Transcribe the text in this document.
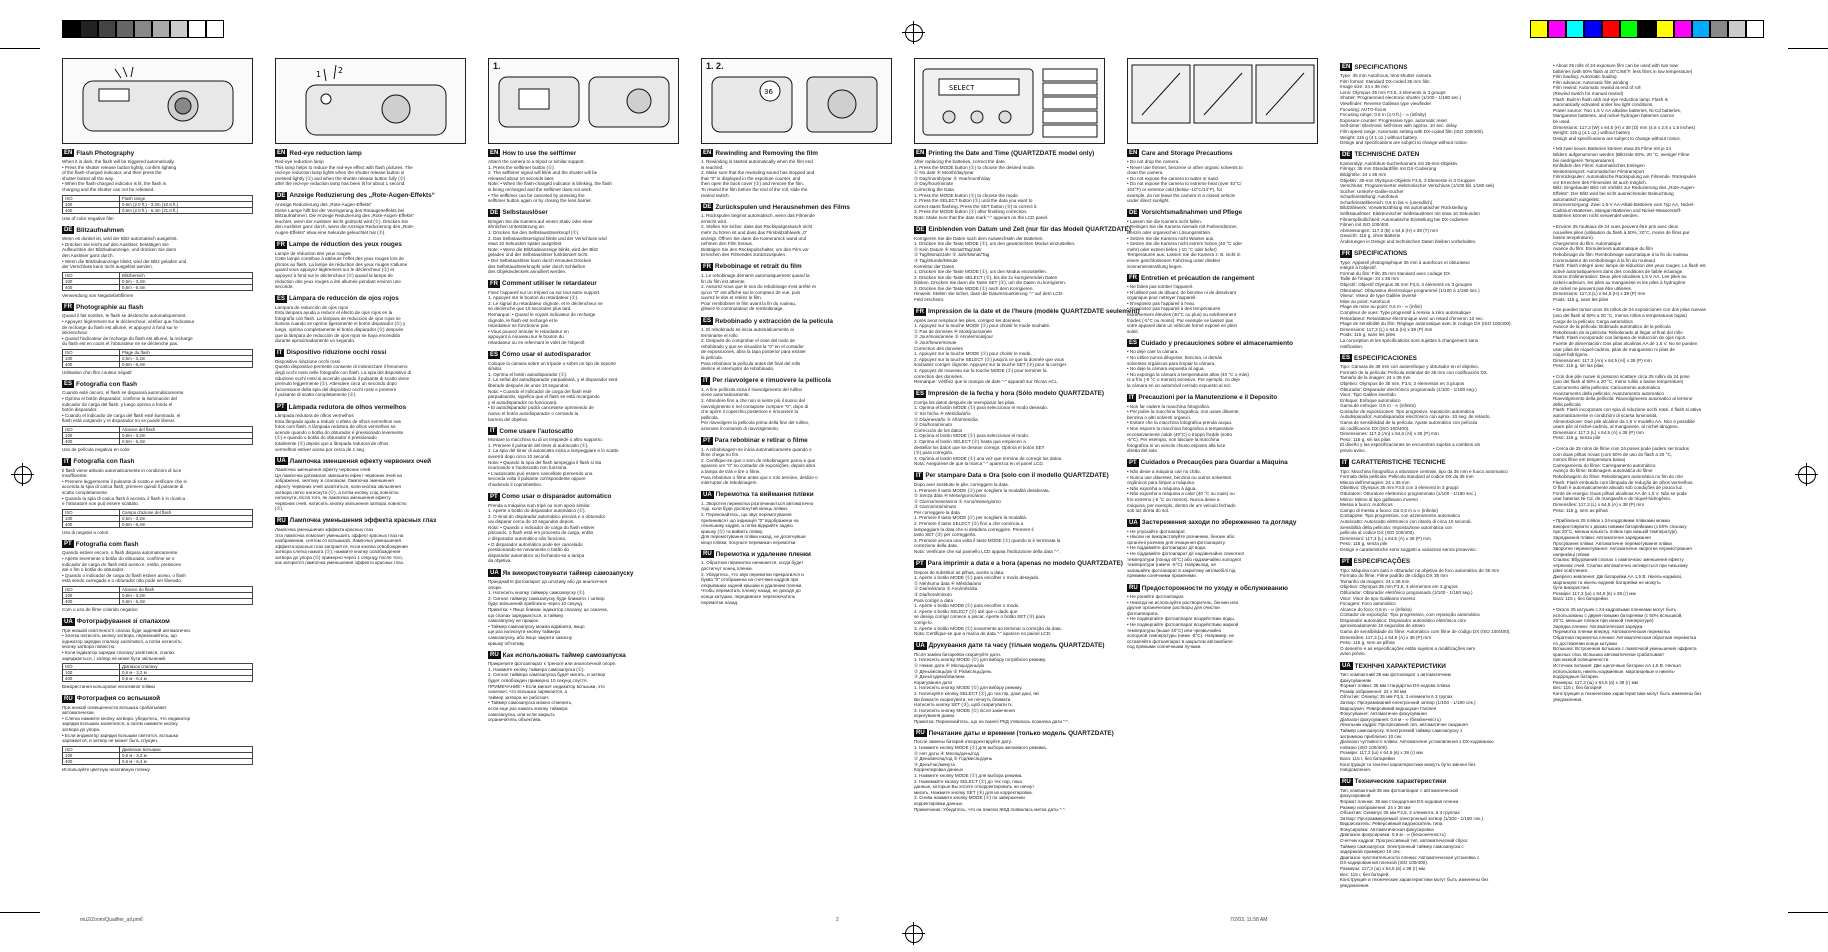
EN Flash Photography
When it is dark, the flash will be triggered automatically.
• Press the shutter release button lightly, confirm lighting
of the flash-charged indicator, and then press the
shutter button all the way.
• When the flash-charged indicator is lit, the flash is
charging and the shutter can not be released.
ISO	Flash range
100	0.6m (2.0 ft.) - 3.2m (10.5 ft.)
400	0.6m (2.0 ft.) - 6.4m (21.0 ft.)
Use of color negative film
DE Blitzaufnahmen
Wenn es dunkel ist, wird der Blitz automatisch ausgelöst.
• Drücken Sie leicht auf den Auslöser, bestätigen Sie
Aufleuchten der Blitzladeanzeige, und drücken Sie dann
den Auslöser ganz durch.
• Wenn die Blitzladeanzeige blinkt, wird der Blitz geladen und
der Verschluss kann nicht ausgelöst werden.
ISO	Blitzbereich
100	0,6m - 3,2m
400	0,6m - 6,4m
Verwendung von Negativfarbfilmen
FR Photographie au flash
Quand il fait sombre, le flash se déclenche automatiquement.
• Appuyez légèrement sur le déclencheur, vérifiez que l'indicateur
de recharge du flash est allumé, et appuyez à fond sur le
déclencheur.
• Quand l'indicateur de recharge du flash est allumé, la recharge
du flash est en cours et l'obturateur ne se déclenche pas.
ISO	Plage du flash
100	0,6m - 3,2m
400	0,6m - 6,4m
Utilisation d'un film couleur négatif
ES Fotografía con flash
Cuando esté oscuro, el flash se disparará automáticamente.
• Oprima el botón disparador, confirme la iluminación del
indicador de carga del flash, y luego oprima a fondo el
botón disparador.
• Cuando el indicador de carga del flash esté iluminado, el
flash está cargando y el disparador no se puede liberar.
ISO	Alcance del flash
100	0,6m - 3,2m
400	0,6m - 6,4m
Uso de película negativa en color
IT Fotografia con flash
Il flash viene attivato automaticamente in condizioni di luce
insufficiente.
• Premere leggermente il pulsante di scatto e verificare che si
accenda la spia di carica flash, premere quindi il pulsante di
scatto completamente.
• Quando la spia di carica flash è accesa, il flash è in ricarica
e l'otturatore non può essere scattato.
ISO	Campo d'azione del flash
100	0,6m - 3,2m
400	0,6m - 6,4m
Uso di negativi a colori
PT Fotografia com flash
Quando estiver escuro, o flash dispara automaticamente.
• Aperte levemente o botão do obturador, confirme se o
indicador de carga do flash está aceso e, então, pressione
até o fim o botão do obturador.
• Quando o indicador de carga do flash estiver aceso, o flash
está sendo carregado e o obturador não pode ser liberado.
ISO	Alcance do flash
100	0,6m - 3,2m
400	0,6m - 6,4m
Com o uso de filme colorido negativo
UA Фотографування зі спалахом
При низькій освітленості спалах буде задіяний автоматично.
• Злегка натисніть кнопку затвора, переконайтесь, що
індикатор зарядки спалаху засвітився, а потім натисніть
кнопку затвора повністю.
• Коли індикатор зарядки спалаху засвітився, спалах
заряджається, і затвор не може бути звільнений.
ISO	Діапазон спалаху
100	0,6 м - 3,2 м
400	0,6 м - 6,4 м
Використання кольорової негативної плівки
RU Фотография со вспышкой
При низкой освещенности вспышка срабатывает
автоматически.
• Слегка нажмите кнопку затвора, убедитесь, что индикатор
зарядки вспышки засветился, а затем нажмите кнопку
затвора до упора.
• Если индикатор зарядки вспышки светится, вспышка
заряжается, и затвор не может быть спущен.
ISO	Диапазон вспышки
100	0,6 м - 3,2 м
400	0,6 м - 6,4 м
Используйте цветную негативную пленку
1 2
EN Red-eye reduction lamp
Red-eye reduction lamp
This lamp helps to reduce the red-eye effect with flash pictures. The
red-eye reduction lamp lights when the shutter release button is
pressed lightly (①) and when the shutter release button fully (②)
after the red-eye reduction lamp has been lit for about 1 second.
DE Anzeige Reduzierung des „Rote-Augen-Effekts“
Anzeige Reduzierung des „Rote-Augen-Effekts“
Diese Lampe hilft bei der Verringerung des Rotaugeneffekts bei
Blitzaufnahmen. Die Anzeige Reduzierung des „Rote-Augen-Effekts“
leuchtet, wenn der Auslöser leicht gedrückt wird (①). Drücken Sie
den Auslöser ganz durch, wenn die Anzeige Reduzierung des „Rote-
Augen-Effekts“ etwa eine Sekunde geleuchtet hat (②).
FR Lampe de réduction des yeux rouges
Lampe de réduction des yeux rouges
Cette lampe contribue à atténuer l'effet des yeux rouges lors de
photos au flash. La lampe de réduction des yeux rouges s'allume
quand vous appuyez légèrement sur le déclencheur (①) et
appuyez à fond sur le déclencheur (②) quand la lampe de
réduction des yeux rouges a été allumée pendant environ une
seconde.
ES Lámpara de reducción de ojos rojos
Lámpara de reducción de ojos rojos
Esta lámpara ayuda a reducir el efecto de ojos rojos en la
fotografía con flash. La lámpara de reducción de ojos rojos se
ilumina cuando se oprime ligeramente el botón disparador (①) y
luego, oprima completamente el botón disparador (②) después
que la lámpara de reducción de ojos rojos se haya encendido
durante aproximadamente un segundo.
IT Dispositivo riduzione occhi rossi
Dispositivo riduzione occhi rossi
Questo dispositivo permette consente di minimizzare il fenomeno
degli occhi rossi nelle fotografie con flash. La spia del dispositivo di
riduzione occhi rossi si accende quando il pulsante di scatto viene
premuto leggermente (①). Attendere circa un secondo dopo
l'accensione della spia del dispositivo occhi rossi e premere
il pulsante di scatto completamente (②).
PT Lâmpada redutora de olhos vermelhos
Lâmpada redutora de olhos vermelhos
Esta lâmpada ajuda a reduzir o efeito de olhos vermelhos nas
fotos com flash. A lâmpada redutora de olhos vermelhos se
acende quando o botão do obturador é pressionado levemente
(①) e quando o botão do obturador é pressionado
totalmente (②) depois que a lâmpada redutora de olhos
vermelhos estiver acesa por cerca de 1 seg.
UA Лампочка зменшення ефекту червоних очей
Лампочка зменшення ефекту червоних очей
Ця лампочка допомагає зменшити ефект червоних очей на
зображенні, знятому зі спалахом. Лампочка зменшення
ефекту червоних очей засвітиться, коли кнопка звільнення
затвора легко натиснута (①), а потім кнопку слід повністю
натиснути, після того, як лампочка зменшення ефекту
червоних очей, натисніть кнопку звільнення затвора повністю
(②).
RU Лампочка уменьшения эффекта красных глаз
Лампочка уменьшения эффекта красных глаз
Эта лампочка помогает уменьшить эффект красных глаз на
изображении, снятом со вспышкой. Лампочка уменьшения
эффекта красных глаз загорается, если кнопка освобождения
затвора слегка нажата (①); нажмите кнопку освобождения
затвора до упора (②) примерно через 1 секунду после того,
как загорится лампочка уменьшения эффекта красных глаз.
1.
EN How to use the selftimer
Attach the camera to a tripod or similar support.
1. Press the selftimer button (①).
2. The selftimer signal will blink and the shutter will be
released about 10 seconds later.
Note: • When the flash-charged indicator is blinking, the flash
is being recharged and the selftimer does not work.
• The selftimer can be canceled by pressing the
selftimer button again or by closing the lens barrier.
DE Selbstauslöser
Bringen Sie die Kamera auf einem Stativ oder einer
ähnlichen Unterstützung an.
1. Drücken Sie den Selbstauslöserknopf (①).
2. Das Selbstauslösersignal blinkt und der Verschluss wird
etwa 10 Sekunden später ausgelöst.
Note: • Wenn die Blitzladeanzeige blinkt, wird der Blitz
geladen und der Selbstauslöser funktioniert nicht.
• Der Selbstauslöser kann durch erneutes Drücken
des Selbstauslöserknopfs oder durch Schließen
des Objektivdeckels annulliert werden.
FR Comment utiliser le retardateur
Fixez l'appareil sur un trépied ou sur tout autre support.
1. Appuyez sur le bouton du retardateur (①).
2. Le signal du retardateur clignote, et le déclencheur ne
se déclenche que 10 secondes plus tard.
Remarque: • Quand le voyant indicateur de recharge
clignote, le flash est rechargé et le
retardateur ne fonctionne pas.
• Vous pouvez annuler le retardateur en
appuyant à nouveau sur le bouton du
retardateur ou en refermant le volet de l'objectif.
ES Cómo usar el autodisparador
Coloque la cámara sobre un trípode o sobre un tipo de soporte
similar.
1. Oprima el botón autodisparador (①).
2. La señal del autodisparador parpadeará, y el disparador será
liberado después de unos 10 segundos.
Nota: • Cuando el indicador de carga del flash esté
parpadeando, significa que el flash se está recargando
y el autodisparador no funcionará.
• El autodisparador podrá cancelarse oprimiendo de
nuevo el botón autodisparador o cerrando la
barrera del objetivo.
IT Come usare l'autoscatto
Montare la macchina su di un treppiede o altro supporto.
1. Premere il pulsante del timer di autoscatto (①).
2. La spia del timer di autoscatto inizia a lampeggiare e lo scatto
avverrà dopo circa 10 secondi.
Nota: • Quando la spia del flash lampeggia il flash si sta
ricaricando e l'autoscatto non funziona.
• L'autoscatto può essere cancellato premendo una
seconda volta il pulsante corrispondente oppure
chiudendo il copriobiettivo.
PT Como usar o disparador automático
Prenda a máquina num tripé ou num apoio similar.
1. Aperte o botão do disparador automático (①).
2. O sinal do disparador automático piscará e o obturador
vai disparar cerca de 10 segundos depois.
Nota: • Quando o indicador de carga do flash estiver
piscando, o flash está em processo de carga, então
o disparador automático não funciona.
• O disparador automático pode ser cancelado
pressionando-se novamente o botão do
disparador automático ou fechando-se a tampa
da objetiva.
UA Як використовувати таймер самозапуску
Приєднайте фотоапарат до штативу або до аналогічної
опори.
1. Натисніть кнопку таймеру самозапуску (①).
2. Сигнал таймеру самозапуску буде блимати, і затвор
буде звільнений приблизно через 10 секунд.
Примітка: • Якщо блимає індикатор спалаху, це означає,
що спалах заряджається, а таймер
самозапуску не працює.
• Таймер самозапуску можна відмінити, якщо
ще раз натиснути кнопку таймера
самозапуску, або якщо закрити захисну
кришку об'єктиву.
RU Как использовать таймер самозапуска
Прикрепите фотоаппарат к треноге или аналогичной опоре.
1. Нажмите кнопку таймера самозапуска (①).
2. Сигнал таймера самозапуска будет мигать, и затвор
будет освобожден примерно 10 секунд спустя.
ПРИМЕЧАНИЕ: • Если мигает индикатор вспышки, это
означает, что вспышка заряжается, а
таймер затвора не работает.
• Таймер самозапуска можно отменить,
если еще раз нажать кнопку таймера
самозапуска, или если закрыть
ограничитель объектива.
36
1. 2.
EN Rewinding and Removing the film
1. Rewinding is started automatically when the film end
is reached.
2. Make sure that the rewinding sound has stopped and
that "0" is displayed in the exposure counter, and
then open the back cover (①) and remove the film.
To rewind the film before the end of the roll, slide the
rewind switch.
DE Zurückspulen und Herausnehmen des Films
1. Rückspulen beginnt automatisch, wenn das Filmende
erreicht wird.
2. Stellen Sie sicher, dass das Rückspulgeräusch nicht
mehr zu hören ist und dass das Filmbildzählwerk „0“
anzeigt. Öffnen Sie dann die Kamerarück wand und
nehmen den Film heraus.
Betätigen Sie den Rückspulschalter, um den Film vor
Erreichen des Filmendes zurückzuspulen.
FR Rebobinage et retrait du film
1. Le rebobinage démarre automatiquement quand la
fin du film est atteinte.
2. Assurez-vous que le son du rebobinage s'est arrêté et
qu'un "0" est affiché sur le compteur de vue, puis
ouvrez le dos et retirez le film.
Pour rembobiner le film avant la fin du rouleau,
glissez le commutateur de rembobinage.
ES Rebobinado y extracción de la película
1. El rebobinado se inicia automáticamente al
terminarse el rollo.
2. Después de comprobar el cese del ruido de
rebobinado y que se visualiza la "0" en el contador
de exposiciones, abra la tapa posterior para extraer
la película.
Para rebobinar la película antes del final del rollo
deslice el interruptor de rebobinado.
IT Per riavvolgere e rimuovere la pellicola
1. A fine pellicola inizia il riavvolgimento del rullino
viene automaticamente.
2. Attendere fino a che non si sente più il suono del
riavvolgimento e nel contapose compare "0", dopo di
che aprire il coperchio posteriore e rimuovere la
pellicola.
Per riavvolgere la pellicola prima della fine del rullino,
azionare il comando di riavvolgimento.
PT Para rebobinar e retirar o filme
1. A rebobinagem se inicia automaticamente quando o
filme chega no fim.
2. Certifique-se que o som de rebobinagem parou e que
aparece um "0" no contador de exposições, depois abra
a tampa de trás e tire o filme.
Para rebobinar o filme antes que o rolo termine, deslize o
interruptor de rebobinagem.
UA Перемотка та виймання плівки
1. Зворотня перемотка розпочинається автоматично
тоді, коли буде досягнутий кінець плівки.
2. Переконайтесь, що звук перемотування
припинився і що індикація "0" відображена на
лічильнику кадрів, а потім відкрийте задню
кришку (①) та вийміть плівку.
Для перемотування плівки назад, не досягнувши
кінця плівки, посуньте перемикач перемотки.
RU Перемотка и удаление пленки
1. Обратная перемотка начинается, когда будет
достигнут конец пленки.
2. Убедитесь, что звук перемотки прекратился и
буква "0" отображена на счетчике кадров при
открывании задней крышки и удалении пленки.
Чтобы перемотать пленку назад, не доходя до
конца катушки, передвиньте переключатель
перемотки назад.
SELECT
EN Printing the Date and Time (QUARTZDATE model only)
After replacing the batteries, correct the date.
1. Press the MODE button (①) to choose the desired mode.
① No date ④ Month/day/year
② Day/month/year ⑤ Year/month/day
③ Day/hour/minute
Correcting the Data
1. Press the MODE button (①) to choose the mode.
2. Press the SELECT button (②) until the data you want to
correct starts flashing. Press the SET button (③) to correct it.
3. Press the MODE button (①) after finishing correction.
Note: Make sure that the date mark "-" appears on the LCD panel.
DE Einblenden von Datum und Zeit (nur für das Modell QUARTZDATE)
Korrigieren Sie die Daten nach dem Auswechseln der Batterien.
1. Drücken Sie die Taste MODE (①), um den gewünschten Modus einzustellen.
① Kein Datum ④ Monat/Tag/Jahr
② Tag/Monat/Jahr ⑤ Jahr/Monat/Tag
③ Tag/Stunde/Minute
Korrektur der Daten
1. Drücken Sie die Taste MODE (①), um den Modus einzustellen.
2. Drücken Sie die Taste SELECT (②), bis die zu korrigierenden Daten
blinken. Drücken Sie dann die Taste SET (③), um die Daten zu korrigieren.
3. Drücken Sie die Taste MODE (①) nach dem Korrigieren.
Hinweis: Stellen Sie sicher, dass die Datumsmarkierung "-" auf dem LCD-
Feld erscheint.
FR Impression de la date et de l'heure (modèle QUARTZDATE seulement)
Après avoir remplacé les piles, corrigez les données.
1. Appuyez sur la touche MODE (①) pour choisir le mode souhaité.
① Pas de données ④ Mois/jour/année
② Jour/mois/année ⑤ Année/mois/jour
③ Jour/heure/minute
Correction des données
1. Appuyez sur la touche MODE (①) pour choisir le mode.
2. Appuyez sur la touche SELECT (②) jusqu'à ce que la donnée que vous
souhaitez corriger clignote. Appuyez sur la touche SET (③) pour la corriger.
3. Appuyez de nouveau sur la touche MODE (①) pour terminer la
correction des données.
Remarque: Vérifiez que le marque de date "-" apparaît sur l'écran ACL.
ES Impresión de la fecha y hora (Sólo modelo QUARTZDATE)
Corrija los datos después de reemplazar las pilas.
1. Oprima el botón MODE (①) para seleccionar el modo deseado.
① Sin fecha ④ Mes/día/año
② Día/mes/año ⑤ Año/mes/día
③ Día/hora/minuto
Corrección de los datos
1. Oprima el botón MODE (①) para seleccionar el modo.
2. Oprima el botón SELECT (②) hasta que empiecen a
destellar los datos que se desean corregir. Oprima el botón SET
(③) para corregirlo.
3. Oprima el botón MODE (①) una vez que termine de corregir los datos.
Nota: Asegúrese de que la marca "-" aparezca en el panel LCD.
IT Per stampare Data e Ora (solo con il modello QUARTZDATE)
Dopo aver sostituito le pile, correggere la data.
1. Premere il tasto MODE (①) per scegliere la modalità desiderata.
① Senza data ④ Mese/giorno/anno
② Giorno/mese/anno ⑤ Anno/mese/giorno
③ Giorno/ora/minuto
Per correggere la data
1. Premere il tasto MODE (①) per scegliere la modalità.
2. Premere il tasto SELECT (②) fino a che comincia a
lampeggiare la data che si desidera correggere. Premere il
tasto SET (③) per correggerla.
3. Premere ancora una volta il tasto MODE (①) quando si è terminata la
correzione della data.
Nota: Verificare che sul pannello LCD appaia l'indicazione della data "-".
PT Para imprimir a data e a hora (apenas no modelo QUARTZDATE)
Depois de substituir as pilhas, acerte a data.
1. Aperte o botão MODE (①) para escolher o modo desejado.
① Nenhuma data ④ Mês/dia/ano
② Dia/mês/ano ⑤ Ano/mês/dia
③ Dia/hora/minuto
Para corrigir a data
1. Aperte o botão MODE (①) para escolher o modo.
2. Aperte o botão SELECT (②) até que o dado que
se deseja corrigir comece a piscar. Aperte o botão SET (③) para
corrigi-lo.
3. Aperte o botão MODE (①) novamente ao terminar a correção da data.
Nota: Certifique-se que a marca de data "-" aparece no painel LCD.
UA Друкування дати та часу (тільки модель QUARTZDATE)
Після заміни батарейок скоригуйте дати.
1. Натисніть кнопку MODE (①) для вибору потрібного режиму.
① Немає дати ④ Місяць/день/рік
② День/місяць/рік ⑤ Рік/місяць/день
③ День/година/хвилина
Коригування дати
1. Натисніть кнопку MODE (①) для вибору режиму.
2. Натискуйте кнопку SELECT (②) до тих пір, доки дані, які
Ви бажаєте скоригувати, не почнуть блимати.
Натисніть кнопку SET (③), щоб скоригувати їх.
3. Натисніть кнопку MODE (①) після закінчення
коригування даних.
Примітка: Переконайтесь, що на панелі РКД з'явилась позначка дати "-".
RU Печатание даты и времени (только модель QUARTZDATE)
После замены батарей откорректируйте дату.
1. Нажмите кнопку MODE (①) для выбора желаемого режима.
① Нет даты ④ Месяц/день/год
② День/месяц/год ⑤ Год/месяц/день
③ День/час/минута
Корректировка данных
1. Нажмите кнопку MODE (①) для выбора режима.
2. Нажимайте кнопку SELECT (②) до тех пор, пока
данные, которые Вы хотите откорректировать не начнут
мигать. Нажмите кнопку SET (③) для их корректировки.
3. Снова нажмите кнопку MODE (①) по завершении
корректировки данных.
Примечание: Убедитесь, что на панели ЖКД появилась метка даты "-".
EN Care and Storage Precautions
• Do not drop the camera.
• Never use thinner, benzene or other organic solvents to
clean the camera.
• Do not expose the camera to water or sand.
• Do not expose the camera to extreme heat (over 40°C/
104°F) or extreme cold (below -10°C/14°F), for
example, do not leave the camera in a closed vehicle
under direct sunlight.
DE Vorsichtsmaßnahmen und Pflege
• Lassen Sie die Kamera nicht fallen.
• Reinigen Sie die Kamera niemals mit Farbverdünner,
Benzin oder organischen Lösungsmitteln.
• Setzen Sie die Kamera nicht Wasser aus.
• Setzen Sie die Kamera nicht extrem hohen (40 °C oder
mehr) oder extrem tiefen (-10 °C oder tiefer)
Temperaturen aus. Lassen Sie die Kamera z. B. nicht in
einem geschlossenen Fahrzeug unter direkter
Sonneneinstrahlung liegen.
FR Entretien et précaution de rangement
• Ne faites pas tomber l'appareil.
• N'utilisez pas de diluant, de benzine ni de dissolvant
organique pour nettoyer l'appareil.
• N'exposez pas l'appareil à l'eau.
• N'exposez pas l'appareil à des températures
extrêmement élevées (40°C ou plus) ou extrêmement
froides (-5°C ou moins). Par exemple ne laissez pas
votre appareil dans un véhicule fermé exposé en plein
soleil.
ES Cuidado y precauciones sobre el almacenamiento
• No deje caer la cámara.
• No utilice nunca diluyente, bencina, ni demás
solventes orgánicos para limpiar la cámara.
• No deje la cámara expuesta al agua.
• No exponga la cámara a temperaturas altas (40 °C o más)
ni a frío (-5 °C o menos) excesivo. Por ejemplo, no deje
la cámara en un automóvil cerrado expuesto al sol.
IT Precauzioni per la Manutenzione e il Deposito
• Non far cadere la macchina fotografica.
• Per pulire la macchina fotografica, non usare diluente,
benzina o altri solventi organici.
• Evitare che la macchina fotografica prenda acqua.
• Non esporre la macchina fotografica a temperature
eccessivamente calde (40°C) o troppo fredde (sotto
-5°C). Per esempio, non lasciare la macchina
fotografica in un veicolo chiuso esposto alla luce
diretta del sole.
PT Cuidados e Precauções para Guardar a Máquina
• Não deixe a máquina cair no chão.
• Nunca use diluentes, benzina ou outros solventes
orgânicos para limpar a máquina.
• Não exponha a máquina à água.
• Não exponha a máquina a calor (40 °C ou mais) ou
frio extremo (-5 °C ou menos). Nunca deixe a
máquina, por exemplo, dentro de um veículo fechado
sob luz direta do sol.
UA Застереження заходи по збереженню та догляду
• Не упускайте фотоапарат.
• Ніколи не використовуйте розчинник, бензин або
органічні розчини для очищення фотоапарату.
• Не піддавайте фотоапарат дії води.
• Не піддавайте фотоапарат дії надзвичайно спекотної
температури (понад 40°C) або надзвичайно холодної
температури (нижче -5°C). Наприклад, не
залишайте фотоапарат в закритому автомобілі під
прямими сонячними променями.
RU Предосторожности по уходу и обслуживанию
• Не роняйте фотоаппарат.
• Никогда не используйте растворитель, бензин или
другие органические растворы для очистки
фотоаппарата.
• Не подвергайте фотоаппарат воздействию воды.
• Не подвергайте фотоаппарат воздействию жаркой
температуры (выше 40°C) или чрезвычайно
холодной температуры (ниже -5°C). Например, не
оставляйте фотоаппарат в закрытом автомобиле
под прямыми солнечными лучами.
EN SPECIFICATIONS
Type: 35 mm Autofocus, lens-shutter camera
Film format: Standard DX-coded 35 mm film
Image size: 24 x 36 mm
Lens: Olympus 35 mm F3.5, 3 elements in 3 groups
Shutter: Programmed electronic shutter (1/100 - 1/180 sec.)
Viewfinder: Reverse Galilean type viewfinder
Focusing: AUTO-focus
Focusing range: 0.6 m (2.0 ft.) - ∞ (infinity)
Exposure counter: Progressive type, automatic reset
Self-timer: Electronic self-timer with approx. 10 sec. delay
Film speed range: Automatic setting with DX-coded film (ISO 100/400).
Weight: 115 g (4.1 oz.) without battery
Design and specifications are subject to change without notice.
DE TECHNISCHE DATEN
Kameratyp: Autofokus-Sucherkamera mit 35-mm-Objektiv
Filmtyp: 35 mm Standardfilm mit DX-Codierung
Bildgröße: 24 x 36 mm
Objektiv: 35-mm Olympus-Objektiv F3,5, 3 Elemente in 3 Gruppen
Verschluss: Programmierter elektronischer Verschluss (1/100 bis 1/180 sek)
Sucher: Umkehr-Galilei-Sucher
Scharfeinstellung: Autofokus
Scharfeinstellbereich: 0,6 m bis ∞ (unendlich)
Bildzählwerk: Vorwärtszählung mit automatischer Rückstellung
Selbstauslöser: Elektronischer Selbstauslöser mit etwa 10 Sekunden
Filmempfindlichkeit: Automatische Einstellung bei DX-codierten
Filmen mit ISO 100/400.
Abmessungen: 117,3 (B) x 64,5 (H) x 38 (T) mm
Gewicht: 115 g, ohne Batterie
Änderungen in Design und technischen Daten bleiben vorbehalten.
FR SPECIFICATIONS
Type: Appareil photographique 35 mm à autofocus et obturateur
intégré à l'objectif.
Format du film: Film 35 mm standard avec codage DX
Taille de l'image: 24 x 36 mm
Objectif: Objectif Olympus 35 mm F3,5, 3 éléments en 3 groupes
Obturateur: Obturateur électronique programmé (1/100 à 1/180 sec.)
Viseur: Viseur de type Galilée inversé
Mise au point: Autofocus
Plage de mise au point: 0,6 m - ∞ (infini)
Compteur de vues: Type progressif à remise à zéro automatique
Retardateur: Retardateur électronique avec un retard d'environ 10 sec.
Plage de sensibilité du film: Réglage automatique avec le codage DX (ISO 100/400).
Dimensions: 117,3 (L) x 64,5 (H) x 38 (P) mm
Poids: 115 g, sans les piles
La conception et les spécifications sont sujettes à changement sans
notification.
ES ESPECIFICACIONES
Tipo: Cámara de 35 mm con autoenfoque y obturador en el objetivo.
Formato de la película: Película estándar de 35 mm con codificación DX.
Tamaño de la imagen: 24 x 36 mm
Objetivo: Olympus de 35 mm, F3,5, 3 elementos en 3 grupos
Obturador: Disparador electrónico programado (1/100 - 1/180 seg.)
Visor: Tipo Galileo invertido
Enfoque: Enfoque automático
Gama de enfoque: 0,6 m - ∞ (infinito)
Contador de exposiciones: Tipo progresivo, reposición automática
Autodisparador: Autodisparador electrónico con aprox. 10 seg. de retardo.
Gama de sensibilidad de la película: Ajuste automático con película
de codificación DX (ISO 100/400).
Dimensiones: 117,3 (An) x 64,5 (Al) x 38 (P) mm
Peso: 115 g, sin las pilas
El diseño y las especificaciones se encuentran sujetas a cambios sin
previo aviso.
IT CARATTERISTICHE TECNICHE
Tipo: Macchina fotografica a otturatore centrale, tipo da 35 mm e fuoco automatico
Formato della pellicola: Pellicola standard al codice DX da 35 mm
Misura dell'immagine: 24 x 36 mm
Obiettivo: Olympus 35 mm F3,5 con 3 elementi in 3 gruppi
Otturatore: Otturatore elettronico programmato (1/100 - 1/180 sec.)
Mirino: Mirino di tipo galileiano inverso
Messa a fuoco: Autofocus
Campo di messa a fuoco: Da 0,6 m a ∞ (infinito)
Contapose: Tipo progressivo, con azzeramento automatico
Autoscatto: Autoscatto elettronico con ritardo di circa 10 secondi.
Sensibilità della pellicola: Impostazione automatica con
pellicola al codice DX (ISO 100/400).
Dimensioni: 117,3 (L) x 64,5 (A) x 38 (P) mm
Peso: 115 g, senza pile
Design e caratteristiche sono soggetti a variazioni senza preavviso.
PT ESPECIFICAÇÕES
Tipo: Máquina com auto e obturador na objetiva de foco automático de 35 mm
Formato do filme: Filme padrão de código DX 35 mm
Tamanho da imagem: 24 x 36 mm
Objetiva: Olympus 35 mm F3,5, 3 elementos em 3 grupos
Obturador: Obturador eletrônico programado (1/100 - 1/180 seg.)
Visor: Visor de tipo Galileano inverso
Focagem: Foco automático
Alcance do foco: 0,6 m - ∞ (infinito)
Contador de exposição: Tipo progressivo, com reposição automática
Disparador automático: Disparador automático eletrônico com
aproximadamente 10 segundos de atraso
Gama de sensibilidade do filme: Automático com filme de código DX (ISO 100/400).
Dimensões: 117,3 (L) x 64,5 (A) x 38 (P) mm
Peso: 115 g, sem as pilhas
O desenho e as especificações estão sujeitos a modificações sem
aviso prévio.
UA ТЕХНІЧНІ ХАРАКТЕРИСТИКИ
Тип: компактний 35 мм фотоапарат з автоматичним
фокусуванням
Формат плівки: 35 мм стандартна DX-кодова плівка
Розмір зображення: 24 x 36 мм
Об'єктив: Олімпус 35 мм F3,5, 3 елементи в 3 групах
Затвор: Програмований електронний затвор (1/100 - 1/180 сек.)
Видошукач: Реверсивний видошукач Галілея
Фокусування: Автоматичне фокусування
Діапазон фокусування: 0,6 м - ∞ (безкінечність)
Лічильник кадрів: Прогресивний тип, автоматичне скидання
Таймер самозапуску: Електронний таймер самозапуску з
затримкою приблизно 10 сек.
Діапазон чутливості плівки: Автоматичне установлення з DX-кодованою
плівкою (ISO 100/400).
Розміри: 117,3 (ш) x 64,5 (в) x 38 (г) мм
Вага: 115 г, без батарейки
Конструкція та технічні характеристики можуть бути змінені без
повідомлення.
RU Технические характеристики
Тип: компактный 35 мм фотоаппарат с автоматической
фокусировкой
Формат пленки: 35 мм стандартная DX-кодовая пленка
Размер изображения: 24 x 36 мм
Объектив: Олимпус 35 мм F3,5, 3 элемента, в 3 группах
Затвор: Программируемый электронный затвор (1/100 - 1/180 сек.)
Видоискатель: Реверсивный видоискатель типа
Фокусировка: Автоматическая фокусировка
Диапазон фокусировки: 0,6 м - ∞ (бесконечность)
Счетчик кадров: Прогрессивный тип, автоматический сброс
Таймер самозапуска: Электронный таймер самозапуска с
задержкой примерно 10 сек.
Диапазон чувствительности пленки: Автоматическая установка с
DX-кодированной пленкой (ISO 100/400).
Размеры: 117,3 (ш) x 64,5 (в) x 38 (г) мм
Вес: 115 г, без батарей
Конструкция и технические характеристики могут быть изменены без
уведомления.
• About 25 rolls of 24-exposure film can be used with two new
batteries (with 50% flash at 20°C/68°F. less films in low temperature)
Film loading: Automatic loading
Film advance: Automatic film winding
Film rewind: Automatic rewind at end of roll
(Rewind switch for manual rewind)
Flash: Built-in flash with red-eye reduction lamp. Flash is
automatically activated under low light conditions.
Power source: Two 1.5 V AA alkaline batteries, Ni-Cd batteries,
Manganese batteries, and nickel-hydrogen batteries cannot
be used.
Dimensions: 117.3 (W) x 64.5 (H) x 38 (D) mm (4.6 x 2.5 x 1.5 inches)
Weight: 115 g (4.1 oz.) without battery
Design and specifications are subject to change without notice.
• Mit zwei neuen Batterien können etwa 25 Filme mit je 24
Bildern aufgenommen werden (Blitzrate 50%, 20 °C, weniger Filme
bei niedrigeren Temperaturen)
Einfädeln des Films: Automatisches Einlegen
Weitertransport: Automatischer Filmtransport
Filmrückspulen: Automatische Rückspulung am Filmende. Rückspulen
vor Erreichen des Filmendes ist auch möglich.
Blitz: Eingebauter Blitz mit Vorblitz zur Reduzierung des „Rote-Augen-
Effekts“. Der Blitz wird bei nicht ausreichender Beleuchtung
automatisch ausgelöst.
Stromversorgung: Zwei 1,5-V AA-Alkali-Batterien vom Typ AA, Nickel-
Cadmium-Batterien, Mangan-Batterien und Nickel-Wasserstoff-
Batterien können nicht verwendet werden.
• Environ 25 rouleaux de 24 vues peuvent être pris avec deux
nouvelles piles (utilisation du flash à 50%, 20°C, moins de films par
basse température).
Chargement du film: Automatique
Avance du film: Enroulement automatique du film
Rebobinage du film: Rembobinage automatique à la fin du rouleau
(commutateur de rembobinage à la fin du rouleau)
Flash: Flash intégré avec lampe de réduction des yeux rouges. Le flash est
activé automatiquement dans des conditions de faible éclairage.
Source d'alimentation: Deux piles alcalines 1,5 V AA. Les piles au
nickel-cadmium, les piles au manganèse et les piles à hydrogène
de nickel ne peuvent pas être utilisées.
Dimensions: 117,3 (L) x 64,5 (H) x 38 (P) mm
Poids: 115 g, sans les piles
• Se pueden tomar unos 25 rollos de 24 exposiciones con dos pilas nuevas
(uso del flash al 50% a 20 °C, menos rollos a temperaturas bajas)
Carga de la película: Carga automática
Avance de la película: Bobinado automático de la película
Rebobinado de la película: Rebobinado al llegar al final del rollo
Flash: Flash incorporado con lámpara de reducción de ojos rojos.
Fuente de alimentación: Dos pilas alcalinas AA de 1,5 V. No se pueden
usar pilas de níquel-cadmio, pilas de manganeso ni pilas de
níquel-hidrógeno.
Dimensiones: 117,3 (An) x 64,5 (Al) x 38 (P) mm
Peso: 115 g, sin las pilas
• Con due pile nuove si possono scattare circa 25 rullini da 24 pose
(uso del flash al 50% a 20 °C, meno rullini a basse temperature)
Caricamento della pellicola: Caricamento automatico
Avanzamento della pellicola: Avanzamento automatico
Riavvolgimento della pellicola: Riavvolgimento automatico al termine
della pellicola
Flash: Flash incorporato con spia di riduzione occhi rossi. Il flash si attiva
automaticamente in condizioni di scarsa luminosità.
Alimentazione: Due pile alcaline da 1,5 V modello AA. Non è possibile
usare pile al nichel-cadmio, al manganese, al nichel-idrogeno.
Dimensioni: 117,3 (L) x 64,5 (A) x 38 (P) mm
Peso: 115 g, senza pile
• Cerca de 25 rolos de filme com 24 poses pode podem ser tirados
com duas pilhas novas (com 50% de uso do flash a 20 °C,
menos filme em temperatura baixa)
Carregamento do filme: Carregamento automático
Avanço do filme: Bobinagem automática do filme
Rebobinagem do filme: Rebobinagem automática no fim do rolo
Flash: Flash embutido com lâmpada de redução de olhos vermelhos.
O flash é automaticamente ativado sob condições de pouca luz.
Fonte de energia: Duas pilhas alcalinas AA de 1,5 V. Não se pode
usar baterias Ni-Cd, de manganês e de níquel-hidrogênio.
Dimensões: 117,3 (L) x 64,5 (A) x 38 (P) mm
Peso: 115 g, sem as pilhas
• Приблизно 25 плівок з 24-кадровими плівками можна
використовувати з двома новими батарейками (з 50% спалаху
при 20°C, менша кількість плівок при низькій температурі).
Заряджання плівки: Автоматичне заряджання
Просування плівки: Автоматичне перемотування плівки
Зворотне перемотування: Автоматичне зворотне перемотування
наприкінці плівки
Спалах: Вбудований спалах з лампочкою зменшення ефекту
червоних очей. Спалах автоматично активується при низькому
рівні освітлення.
Джерело живлення: Дві батарейки AA 1,5 В. Нікель-кадмієві,
марганцеві та нікель-водневі батарейки не можуть
бути використані.
Розміри: 117,3 (ш) x 64,5 (в) x 38 (г) мм
Вага: 115 г, без батарейки
• Около 25 катушек с 24-кадровыми пленками могут быть
использованы с двумя новыми батареями (с 50% вспышкой,
20°C, меньше пленок при низкой температуре)
Зарядка пленки: Автоматическая зарядка
Перемотка пленки вперед: Автоматическая перемотка
Обратная перемотка пленки: Автоматическая обратная перемотка
по достижении конца катушки
Вспышка: Встроенная вспышка с лампочкой уменьшения эффекта
красных глаз. Вспышка автоматически срабатывает
при низкой освещенности.
Источник питания: Две щелочные батареи AA 1,5 В. Нельзя
использовать никель-кадмиевые, марганцевые и никель-
водородные батареи.
Размеры: 117,3 (ш) x 64,5 (в) x 38 (г) мм
Вес: 115 г, без батарей
Конструкция и технические характеристики могут быть изменены без
уведомления.
mu2/Zoom/Qualifier_all.pm6	2	7/2/03, 11:58 AM
